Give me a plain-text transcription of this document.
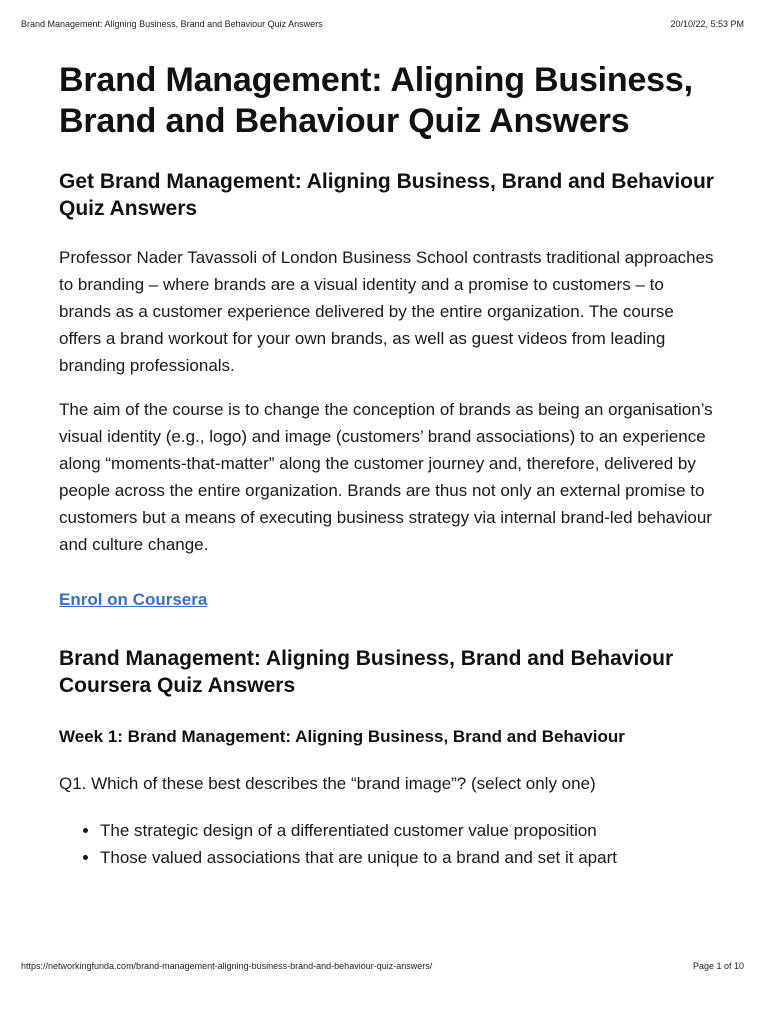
Brand Management: Aligning Business, Brand and Behaviour Quiz Answers	20/10/22, 5:53 PM
Brand Management: Aligning Business, Brand and Behaviour Quiz Answers
Get Brand Management: Aligning Business, Brand and Behaviour Quiz Answers

Professor Nader Tavassoli of London Business School contrasts traditional approaches to branding – where brands are a visual identity and a promise to customers – to brands as a customer experience delivered by the entire organization. The course offers a brand workout for your own brands, as well as guest videos from leading branding professionals.

The aim of the course is to change the conception of brands as being an organisation’s visual identity (e.g., logo) and image (customers’ brand associations) to an experience along “moments-that-matter” along the customer journey and, therefore, delivered by people across the entire organization. Brands are thus not only an external promise to customers but a means of executing business strategy via internal brand-led behaviour and culture change.

Enrol on Coursera
Brand Management: Aligning Business, Brand and Behaviour Coursera Quiz Answers
Week 1: Brand Management: Aligning Business, Brand and Behaviour

Q1. Which of these best describes the “brand image”? (select only one)

• The strategic design of a differentiated customer value proposition
• Those valued associations that are unique to a brand and set it apart
https://networkingfunda.com/brand-management-aligning-business-brand-and-behaviour-quiz-answers/	Page 1 of 10
